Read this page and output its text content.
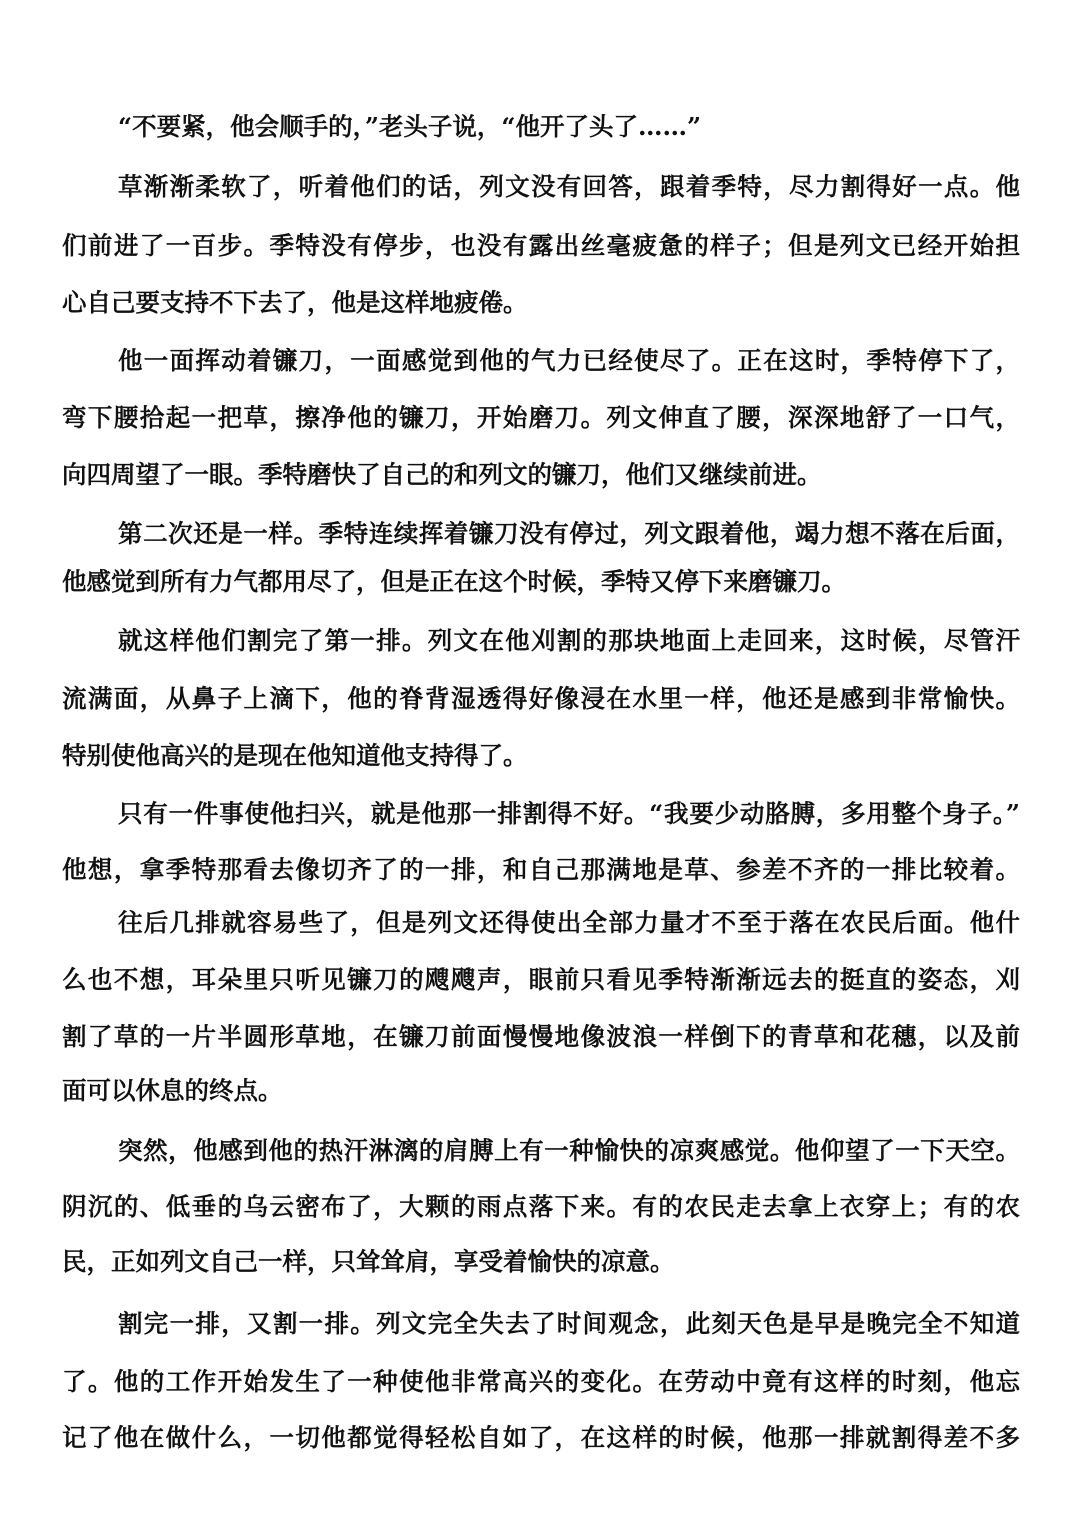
“不要紧，他会顺手的，”老头子说，“他开了头了……”
草渐渐柔软了，听着他们的话，列文没有回答，跟着季特，尽力割得好一点。他
们前进了一百步。季特没有停步，也没有露出丝毫疲惫的样子；但是列文已经开始担
心自己要支持不下去了，他是这样地疲倦。
他一面挥动着镰刀，一面感觉到他的气力已经使尽了。正在这时，季特停下了，
弯下腰拾起一把草，擦净他的镰刀，开始磨刀。列文伸直了腰，深深地舒了一口气，
向四周望了一眼。季特磨快了自己的和列文的镰刀，他们又继续前进。
第二次还是一样。季特连续挥着镰刀没有停过，列文跟着他，竭力想不落在后面，
他感觉到所有力气都用尽了，但是正在这个时候，季特又停下来磨镰刀。
就这样他们割完了第一排。列文在他刈割的那块地面上走回来，这时候，尽管汗
流满面，从鼻子上滴下，他的脊背湿透得好像浸在水里一样，他还是感到非常愉快。
特别使他高兴的是现在他知道他支持得了。
只有一件事使他扫兴，就是他那一排割得不好。“我要少动胳膊，多用整个身子。”
他想，拿季特那看去像切齐了的一排，和自己那满地是草、参差不齐的一排比较着。
往后几排就容易些了，但是列文还得使出全部力量才不至于落在农民后面。他什
么也不想，耳朵里只听见镰刀的飕飕声，眼前只看见季特渐渐远去的挺直的姿态，刈
割了草的一片半圆形草地，在镰刀前面慢慢地像波浪一样倒下的青草和花穗，以及前
面可以休息的终点。
突然，他感到他的热汗淋漓的肩膊上有一种愉快的凉爽感觉。他仰望了一下天空。
阴沉的、低垂的乌云密布了，大颗的雨点落下来。有的农民走去拿上衣穿上；有的农
民，正如列文自己一样，只耸耸肩，享受着愉快的凉意。
割完一排，又割一排。列文完全失去了时间观念，此刻天色是早是晚完全不知道
了。他的工作开始发生了一种使他非常高兴的变化。在劳动中竟有这样的时刻，他忘
记了他在做什么，一切他都觉得轻松自如了，在这样的时候，他那一排就割得差不多
